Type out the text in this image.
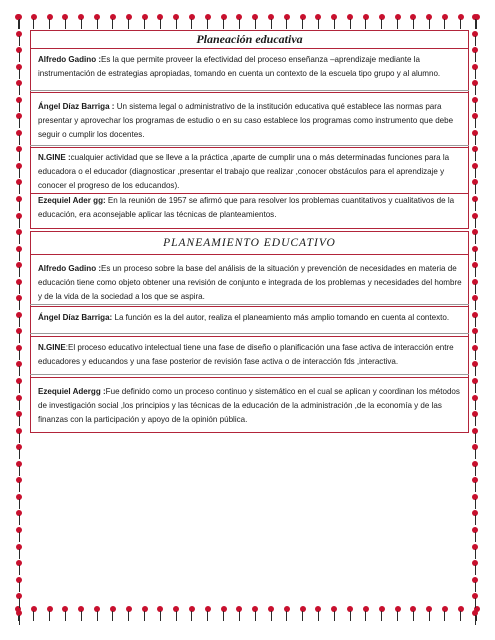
Planeación educativa
Alfredo Gadino :Es la que permite proveer la efectividad del proceso enseñanza –aprendizaje mediante la instrumentación de estrategias apropiadas, tomando en cuenta un contexto de la escuela tipo grupo y al alumno.
Ángel Díaz Barriga : Un sistema legal o administrativo de la institución educativa qué establece las normas para presentar y aprovechar los programas de estudio o en su caso establece los programas como instrumento que debe seguir o cumplir los docentes.
N.GINE :cualquier actividad que se lleve a la práctica ,aparte de cumplir una o más determinadas funciones para la educadora o el educador (diagnosticar ,presentar el trabajo que realizar ,conocer obstáculos para el aprendizaje y conocer el progreso de los educandos).
Ezequiel Ader gg: En la reunión de 1957 se afirmó que para resolver los problemas cuantitativos y cualitativos de la educación, era aconsejable aplicar las técnicas de planteamientos.
PLANEAMIENTO EDUCATIVO
Alfredo Gadino :Es un proceso sobre la base del análisis de la situación y prevención de necesidades en materia de educación tiene como objeto obtener una revisión de conjunto e integrada de los problemas y necesidades del hombre y de la vida de la sociedad a los que se aspira.
Ángel Díaz Barriga: La función es la del autor, realiza el planeamiento más amplio tomando en cuenta al contexto.
N.GINE:El proceso educativo intelectual tiene una fase de diseño o planificación una fase activa de interacción entre educadores y educandos y una fase posterior de revisión fase activa o de interacción fds ,interactiva.
Ezequiel Adergg :Fue definido como un proceso continuo y sistemático en el cual se aplican y coordinan los métodos de investigación social ,los principios y las técnicas de la educación de la administración ,de la economía y de las finanzas con la participación y apoyo de la opinión pública.
